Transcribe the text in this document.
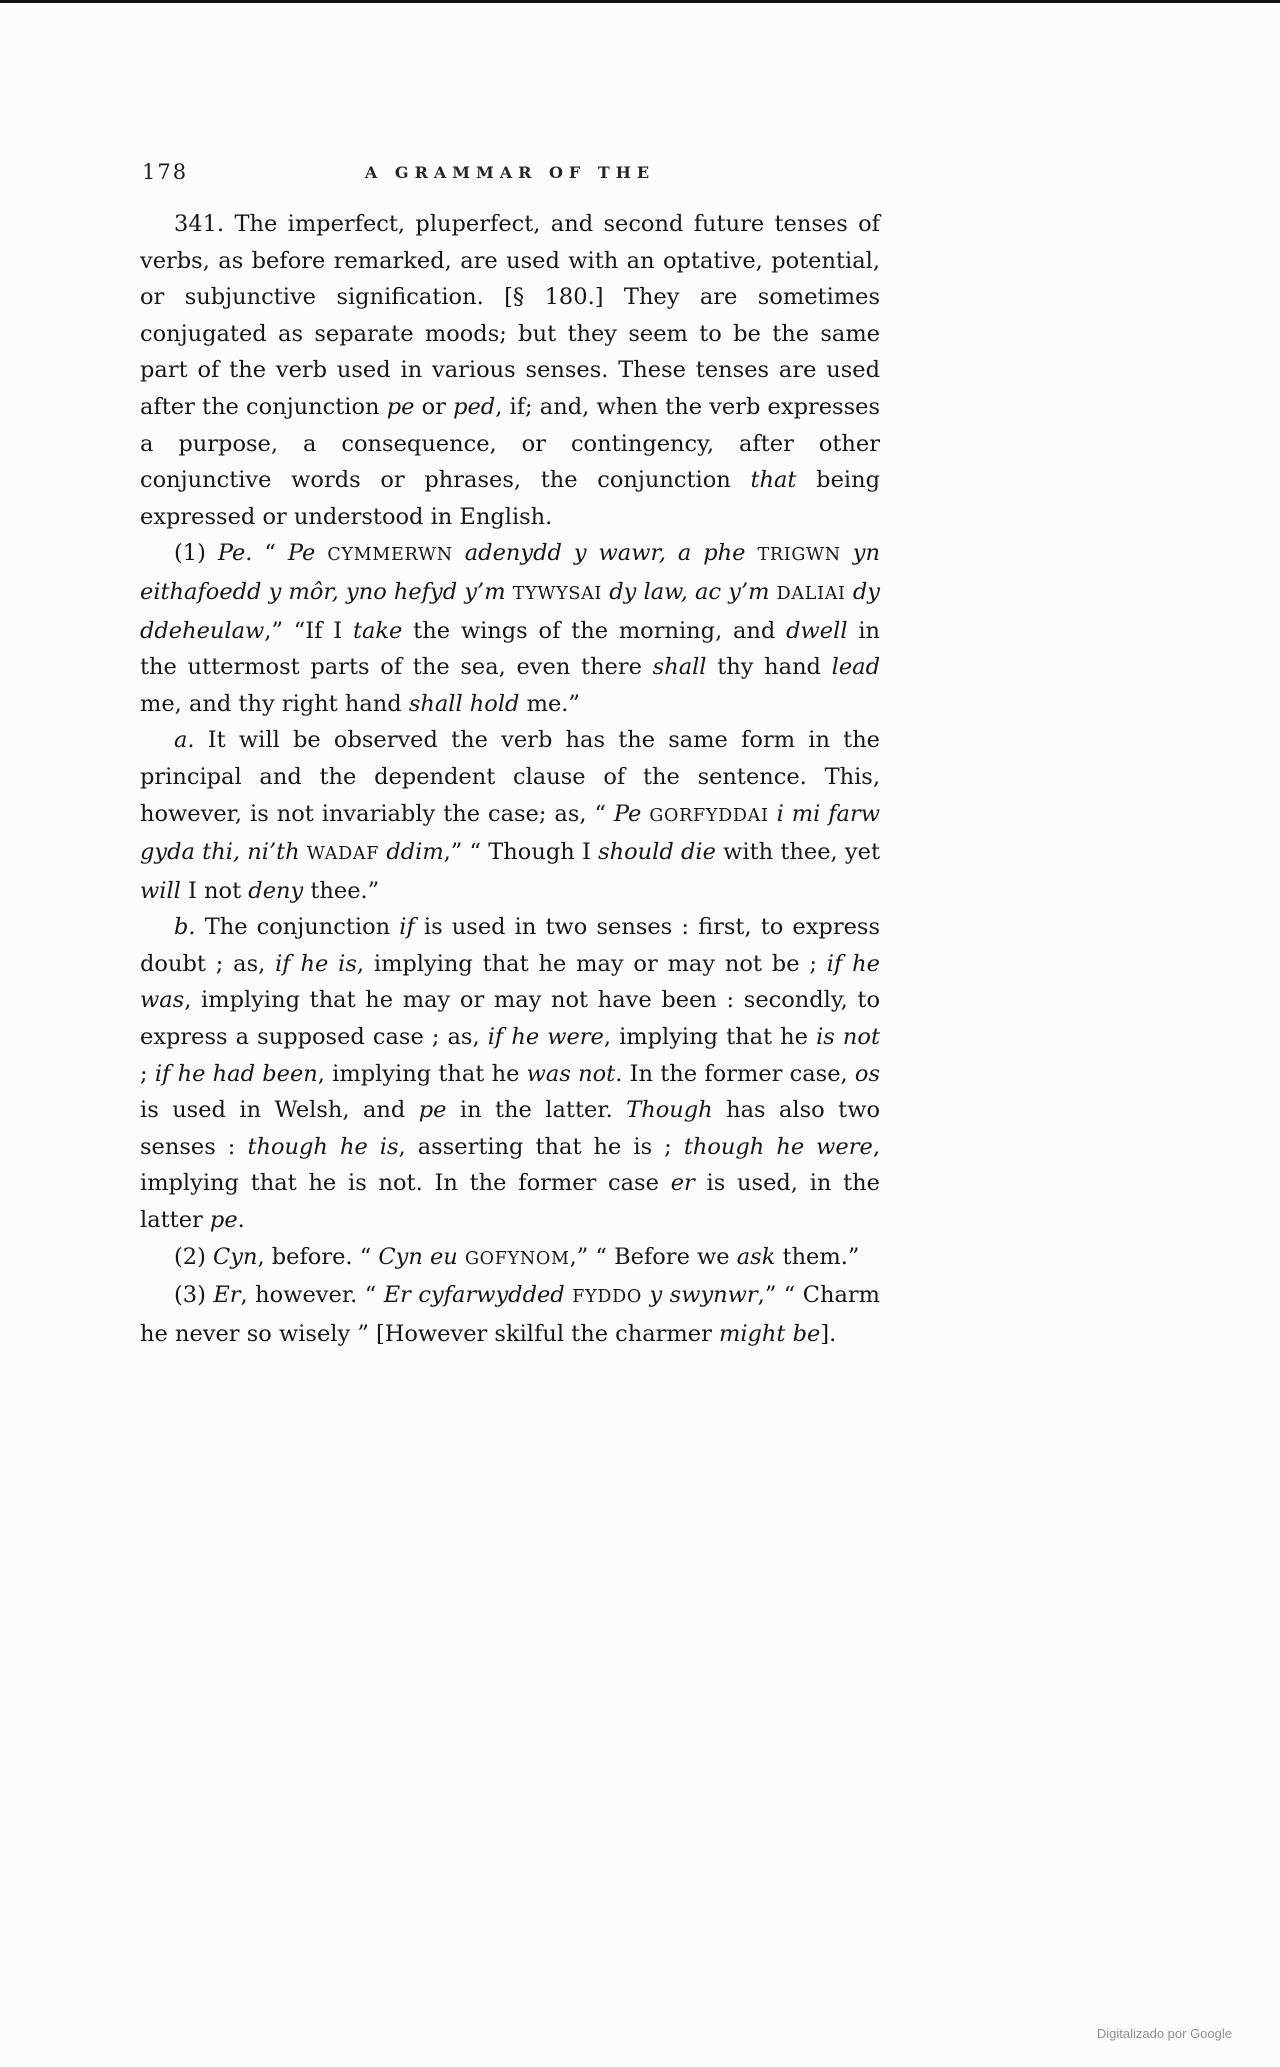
178	A GRAMMAR OF THE

341. The imperfect, pluperfect, and second future tenses of verbs, as before remarked, are used with an optative, potential, or subjunctive signification. [§ 180.] They are sometimes conjugated as separate moods; but they seem to be the same part of the verb used in various senses. These tenses are used after the conjunction pe or ped, if; and, when the verb expresses a purpose, a consequence, or contingency, after other conjunctive words or phrases, the conjunction that being expressed or understood in English.

(1) Pe. “ Pe CYMMERWN adenydd y wawr, a phe TRIGWN yn eithafoedd y môr, yno hefyd y’m TYWYSAI dy law, ac y’m DALIAI dy ddeheulaw,” “If I take the wings of the morning, and dwell in the uttermost parts of the sea, even there shall thy hand lead me, and thy right hand shall hold me.”

a. It will be observed the verb has the same form in the principal and the dependent clause of the sentence. This, however, is not invariably the case; as, “ Pe GORFYDDAI i mi farw gyda thi, ni’th WADAF ddim,” “ Though I should die with thee, yet will I not deny thee.”

b. The conjunction if is used in two senses : first, to express doubt ; as, if he is, implying that he may or may not be ; if he was, implying that he may or may not have been : secondly, to express a supposed case ; as, if he were, implying that he is not ; if he had been, implying that he was not. In the former case, os is used in Welsh, and pe in the latter. Though has also two senses : though he is, asserting that he is ; though he were, implying that he is not. In the former case er is used, in the latter pe.

(2) Cyn, before. “ Cyn eu GOFYNOM,” “ Before we ask them.”

(3) Er, however. “ Er cyfarwydded FYDDO y swynwr,” “ Charm he never so wisely ” [However skilful the charmer might be].

Digitalizado por Google
